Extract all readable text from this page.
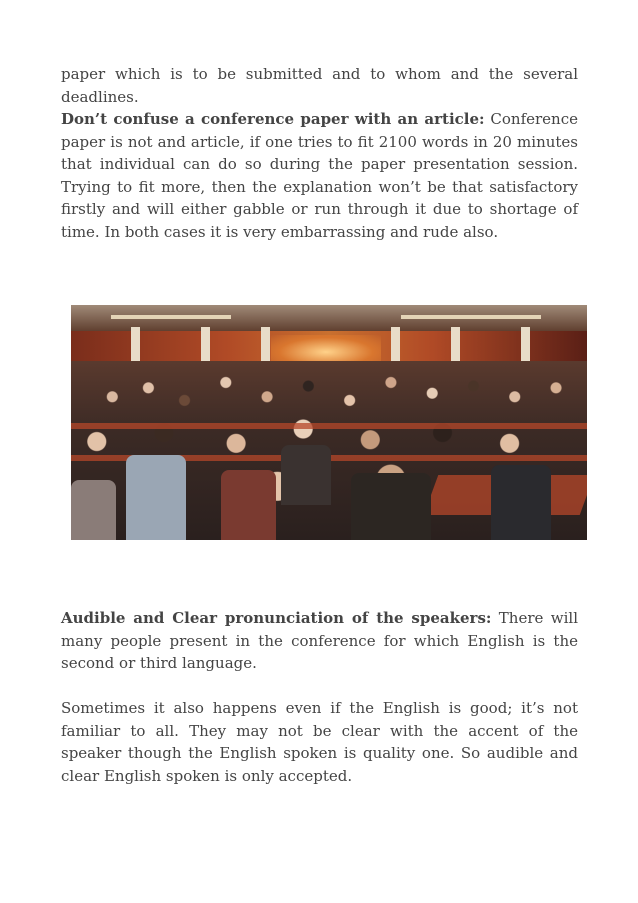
paper which is to be submitted and to whom and the several deadlines.
Don’t confuse a conference paper with an article: Conference paper is not and article, if one tries to fit 2100 words in 20 minutes that individual can do so during the paper presentation session. Trying to fit more, then the explanation won’t be that satisfactory firstly and will either gabble or run through it due to shortage of time. In both cases it is very embarrassing and rude also.

Audible and Clear pronunciation of the speakers: There will many people present in the conference for which English is the second or third language.

Sometimes it also happens even if the English is good; it’s not familiar to all. They may not be clear with the accent of the speaker though the English spoken is quality one. So audible and clear English spoken is only accepted.
